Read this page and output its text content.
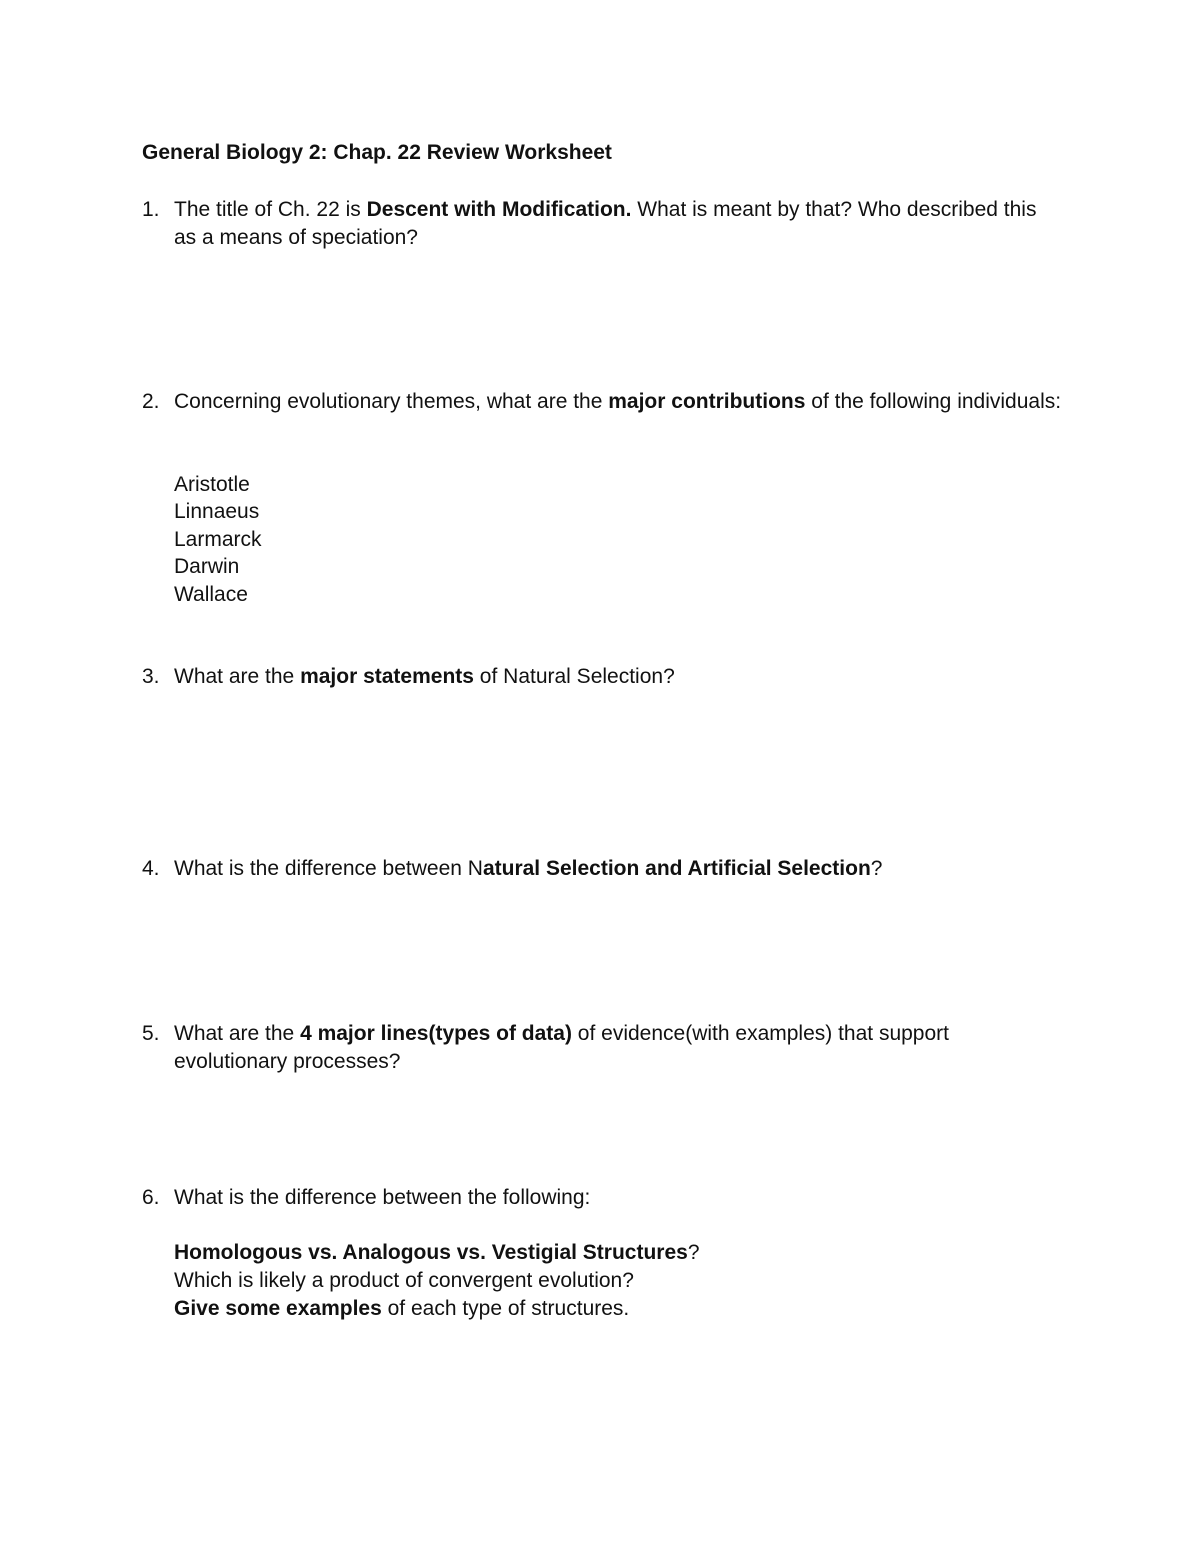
General Biology 2: Chap. 22 Review Worksheet
1. The title of Ch. 22 is Descent with Modification. What is meant by that? Who described this as a means of speciation?
2. Concerning evolutionary themes, what are the major contributions of the following individuals:
Aristotle
Linnaeus
Larmarck
Darwin
Wallace
3. What are the major statements of Natural Selection?
4. What is the difference between Natural Selection and Artificial Selection?
5. What are the 4 major lines(types of data) of evidence(with examples) that support evolutionary processes?
6. What is the difference between the following:
Homologous vs. Analogous vs. Vestigial Structures?
Which is likely a product of convergent evolution?
Give some examples of each type of structures.
